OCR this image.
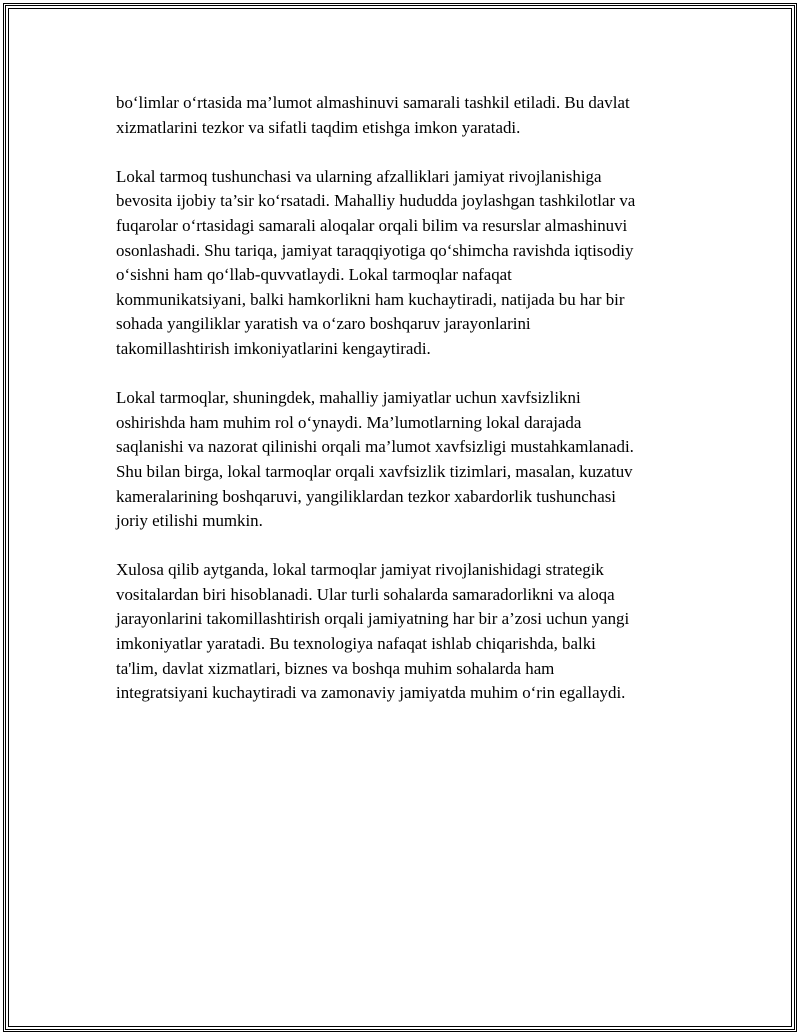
bo‘limlar o‘rtasida ma’lumot almashinuvi samarali tashkil etiladi. Bu davlat
xizmatlarini tezkor va sifatli taqdim etishga imkon yaratadi.
Lokal tarmoq tushunchasi va ularning afzalliklari jamiyat rivojlanishiga
bevosita ijobiy ta’sir ko‘rsatadi. Mahalliy hududda joylashgan tashkilotlar va
fuqarolar o‘rtasidagi samarali aloqalar orqali bilim va resurslar almashinuvi
osonlashadi. Shu tariqa, jamiyat taraqqiyotiga qo‘shimcha ravishda iqtisodiy
o‘sishni ham qo‘llab-quvvatlaydi. Lokal tarmoqlar nafaqat
kommunikatsiyani, balki hamkorlikni ham kuchaytiradi, natijada bu har bir
sohada yangiliklar yaratish va o‘zaro boshqaruv jarayonlarini
takomillashtirish imkoniyatlarini kengaytiradi.
Lokal tarmoqlar, shuningdek, mahalliy jamiyatlar uchun xavfsizlikni
oshirishda ham muhim rol o‘ynaydi. Ma’lumotlarning lokal darajada
saqlanishi va nazorat qilinishi orqali ma’lumot xavfsizligi mustahkamlanadi.
Shu bilan birga, lokal tarmoqlar orqali xavfsizlik tizimlari, masalan, kuzatuv
kameralarining boshqaruvi, yangiliklardan tezkor xabardorlik tushunchasi
joriy etilishi mumkin.
Xulosa qilib aytganda, lokal tarmoqlar jamiyat rivojlanishidagi strategik
vositalardan biri hisoblanadi. Ular turli sohalarda samaradorlikni va aloqa
jarayonlarini takomillashtirish orqali jamiyatning har bir a’zosi uchun yangi
imkoniyatlar yaratadi. Bu texnologiya nafaqat ishlab chiqarishda, balki
ta'lim, davlat xizmatlari, biznes va boshqa muhim sohalarda ham
integratsiyani kuchaytiradi va zamonaviy jamiyatda muhim o‘rin egallaydi.
